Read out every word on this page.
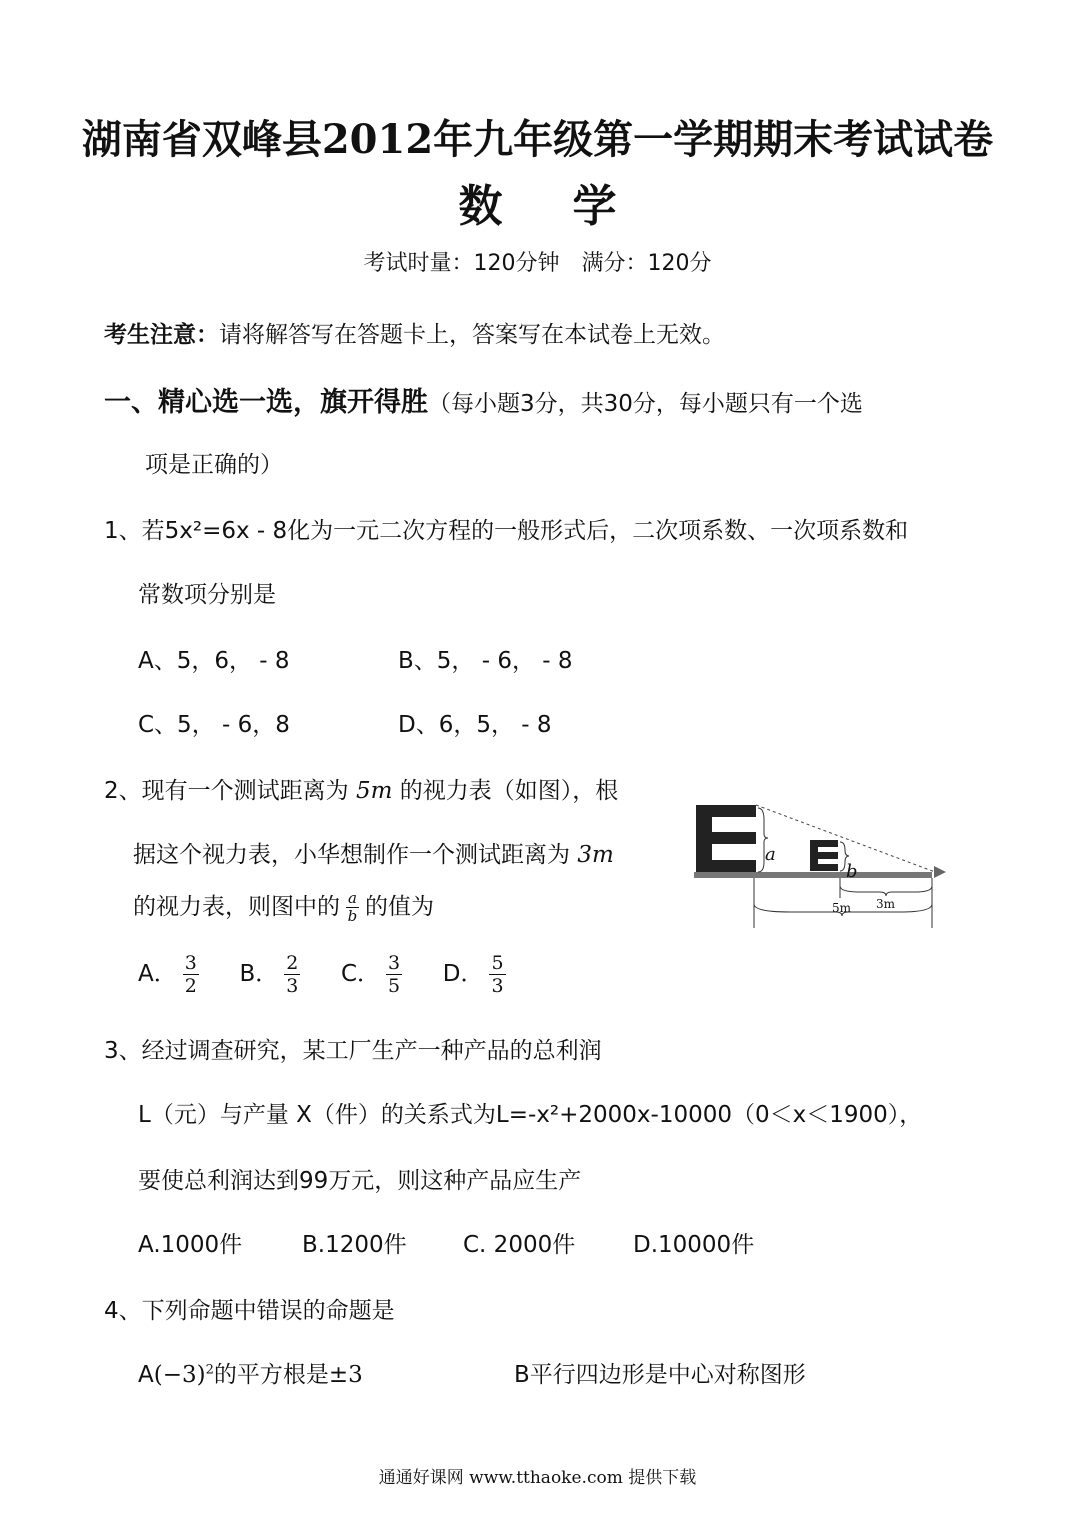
湖南省双峰县2012年九年级第一学期期末考试试卷
数学
考试时量：120分钟　满分：120分
考生注意：请将解答写在答题卡上，答案写在本试卷上无效。
一、精心选一选，旗开得胜（每小题3分，共30分，每小题只有一个选
项是正确的）
1、若5x²=6x - 8化为一元二次方程的一般形式后，二次项系数、一次项系数和
常数项分别是
A、5，6， - 8	B、5， - 6， - 8
C、5， - 6，8	D、6，5， - 8
2、现有一个测试距离为 5m 的视力表（如图），根
据这个视力表，小华想制作一个测试距离为 3m
的视力表，则图中的 $\frac{a}{b}$ 的值为
A． $\frac{3}{2}$ B． $\frac{2}{3}$ C． $\frac{3}{5}$ D． $\frac{5}{3}$
a
b
3m
5m
3、经过调查研究，某工厂生产一种产品的总利润
L（元）与产量 X（件）的关系式为L=-x²+2000x-10000（0＜x＜1900），
要使总利润达到99万元，则这种产品应生产
A.1000件	B.1200件 C. 2000件	D.10000件
4、下列命题中错误的命题是
$A(-3)^2$的平方根是±3	B平行四边形是中心对称图形
通通好课网 www.tthaoke.com 提供下载
